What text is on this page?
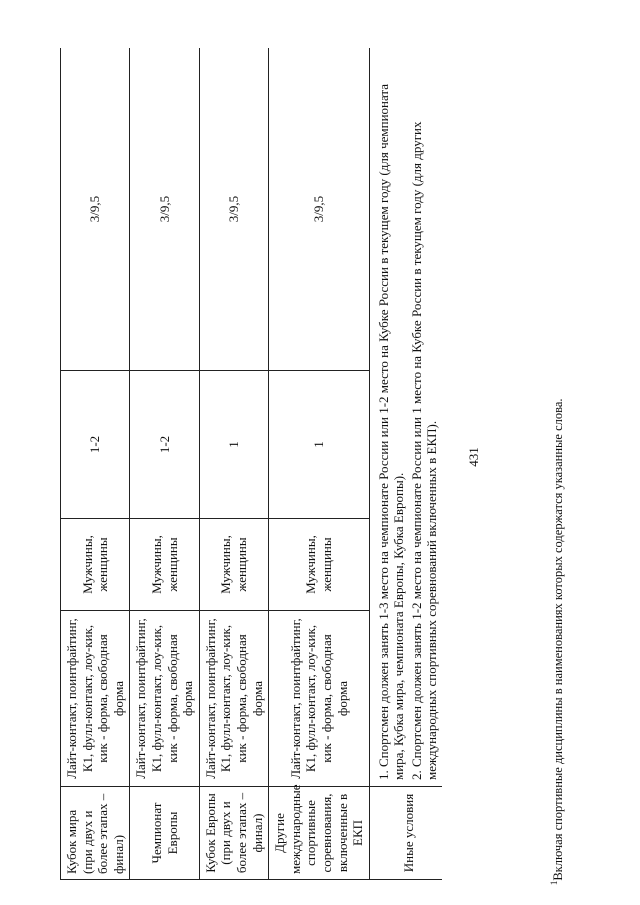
431
Кубок мира (при двух и более этапах – финал)	Лайт-контакт, поинтфайтинг, К1, фулл-контакт, лоу-кик, кик - форма, свободная форма	Мужчины, женщины	1-2	3/9,5
Чемпионат Европы	Лайт-контакт, поинтфайтинг, К1, фулл-контакт, лоу-кик, кик - форма, свободная форма	Мужчины, женщины	1-2	3/9,5
Кубок Европы (при двух и более этапах – финал)	Лайт-контакт, поинтфайтинг, К1, фулл-контакт, лоу-кик, кик - форма, свободная форма	Мужчины, женщины	1	3/9,5
Другие международные спортивные соревнования, включенные в ЕКП	Лайт-контакт, поинтфайтинг, К1, фулл-контакт, лоу-кик, кик - форма, свободная форма	Мужчины, женщины	1	3/9,5
Иные условия	1. Спортсмен должен занять 1-3 место на чемпионате России или 1-2 место на Кубке России в текущем году (для чемпионата мира, Кубка мира, чемпионата Европы, Кубка Европы). 2. Спортсмен должен занять 1-2 место на чемпионате России или 1 место на Кубке России в текущем году (для других международных спортивных соревнований включенных в ЕКП).			
$^1$Включая спортивные дисциплины в наименованиях которых содержатся указанные слова.
